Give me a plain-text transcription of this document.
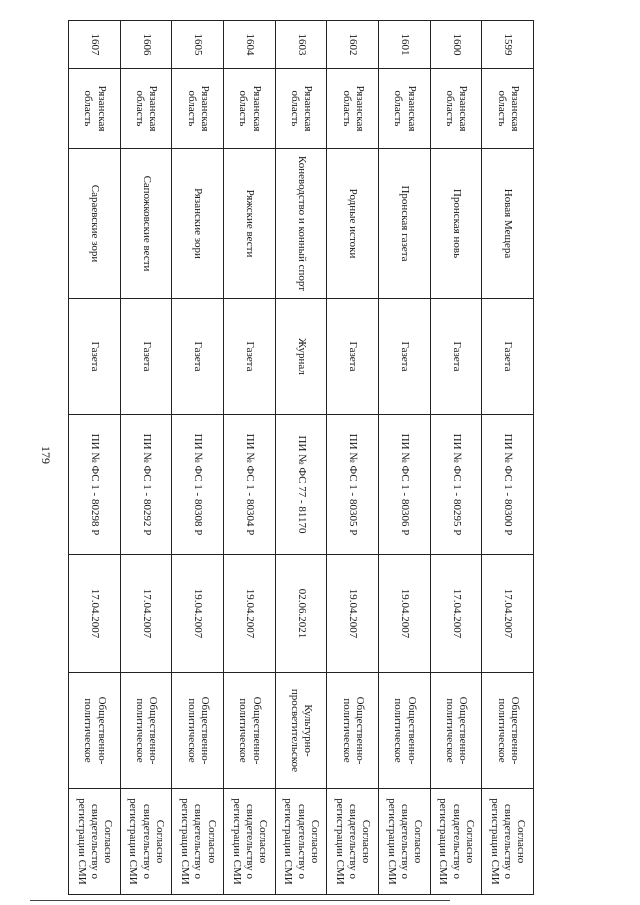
179
1599	Рязанская область	Новая Мещера	Газета	ПИ № ФС 1 - 80300 Р	17.04.2007	Общественно-политическое	Согласно свидетельству о регистрации СМИ
1600	Рязанская область	Пронская новь	Газета	ПИ № ФС 1 - 80295 Р	17.04.2007	Общественно-политическое	Согласно свидетельству о регистрации СМИ
1601	Рязанская область	Пронская газета	Газета	ПИ № ФС 1 - 80306 Р	19.04.2007	Общественно-политическое	Согласно свидетельству о регистрации СМИ
1602	Рязанская область	Родные истоки	Газета	ПИ № ФС 1 - 80305 Р	19.04.2007	Общественно-политическое	Согласно свидетельству о регистрации СМИ
1603	Рязанская область	Коневодство и конный спорт	Журнал	ПИ № ФС 77 - 81170	02.06.2021	Культурно-просветительское	Согласно свидетельству о регистрации СМИ
1604	Рязанская область	Ряжские вести	Газета	ПИ № ФС 1 - 80304 Р	19.04.2007	Общественно-политическое	Согласно свидетельству о регистрации СМИ
1605	Рязанская область	Рязанские зори	Газета	ПИ № ФС 1 - 80308 Р	19.04.2007	Общественно-политическое	Согласно свидетельству о регистрации СМИ
1606	Рязанская область	Сапожковские вести	Газета	ПИ № ФС 1 - 80292 Р	17.04.2007	Общественно-политическое	Согласно свидетельству о регистрации СМИ
1607	Рязанская область	Сараевские зори	Газета	ПИ № ФС 1 - 80298 Р	17.04.2007	Общественно-политическое	Согласно свидетельству о регистрации СМИ
